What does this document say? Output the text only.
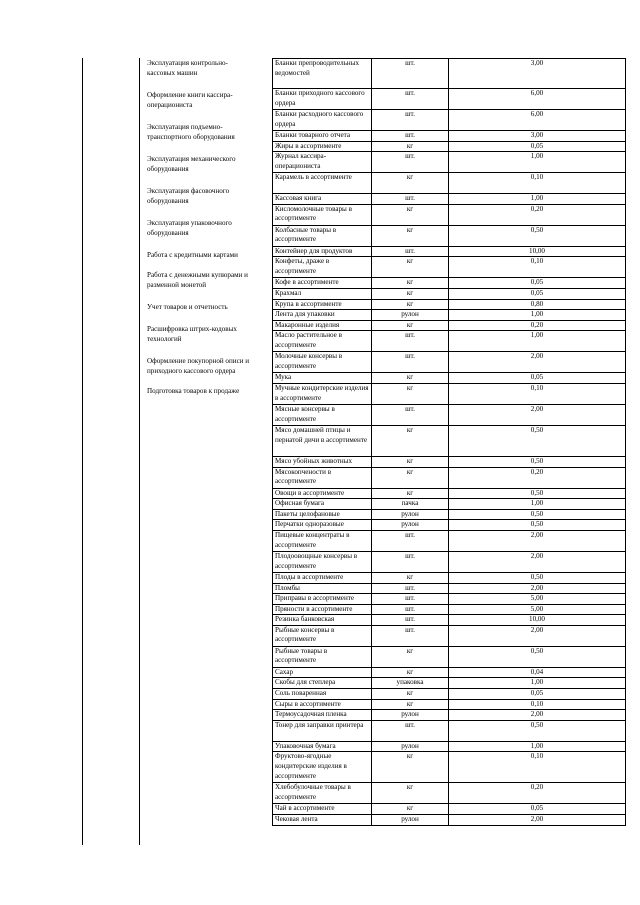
Эксплуатация контрольно-
кассовых машин
Оформление книги кассира-
операциониста
Эксплуатация подъемно-
транспортного оборудования
Эксплуатация механического
оборудования
Эксплуатация фасовочного
оборудования
Эксплуатация упаковочного
оборудования
Работа с кредитными картами
Работа с денежными купюрами и
разменной монетой
Учет товаров и отчетность
Расшифровка штрих-кодовых
технологий
Оформление покупорной описи и
приходного кассового ордера
Подготовка товаров к продаже
Бланки препроводительных ведомостей	шт.	3,00
Бланки приходного кассового ордера	шт.	6,00
Бланки расходного кассового ордера	шт.	6,00
Бланки товарного отчета	шт.	3,00
Жиры в ассортименте	кг	0,05
Журнал кассира-операциониста	шт.	1,00
Карамель в ассортименте	кг	0,10
Кассовая книга	шт.	1,00
Кисломолочные товары в ассортименте	кг	0,20
Колбасные товары в ассортименте	кг	0,50
Контейнер для продуктов	шт.	10,00
Конфеты, драже в ассортименте	кг	0,10
Кофе в ассортименте	кг	0,05
Крахмал	кг	0,05
Крупа в ассортименте	кг	0,80
Лента для упаковки	рулон	1,00
Макаронные изделия	кг	0,20
Масло растительное в ассортименте	шт.	1,00
Молочные консервы в ассортименте	шт.	2,00
Мука	кг	0,05
Мучные кондитерские изделия в ассортименте	кг	0,10
Мясные консервы в ассортименте	шт.	2,00
Мясо домашней птицы и пернатой дичи в ассортименте	кг	0,50
Мясо убойных животных	кг	0,50
Мясокопчености в ассортименте	кг	0,20
Овощи в ассортименте	кг	0,50
Офисная бумага	пачка	1,00
Пакеты целофановые	рулон	0,50
Перчатки одноразовые	рулон	0,50
Пищевые концентраты в ассортименте	шт.	2,00
Плодоовощные консервы в ассортименте	шт.	2,00
Плоды в ассортименте	кг	0,50
Пломбы	шт.	2,00
Приправы в ассортименте	шт.	5,00
Пряности в ассортименте	шт.	5,00
Резинка банковская	шт.	10,00
Рыбные консервы в ассортименте	шт.	2,00
Рыбные товары в ассортименте	кг	0,50
Сахар	кг	0,04
Скобы для степлера	упаковка	1,00
Соль поваренная	кг	0,05
Сыры в ассортименте	кг	0,10
Термоусадочная пленка	рулон	2,00
Тонер для заправки принтера	шт.	0,50
Упаковочная бумага	рулон	1,00
Фруктово-ягодные кондитерские изделия в ассортименте	кг	0,10
Хлебобулочные товары в ассортименте	кг	0,20
Чай в ассортименте	кг	0,05
Чековая лента	рулон	2,00
